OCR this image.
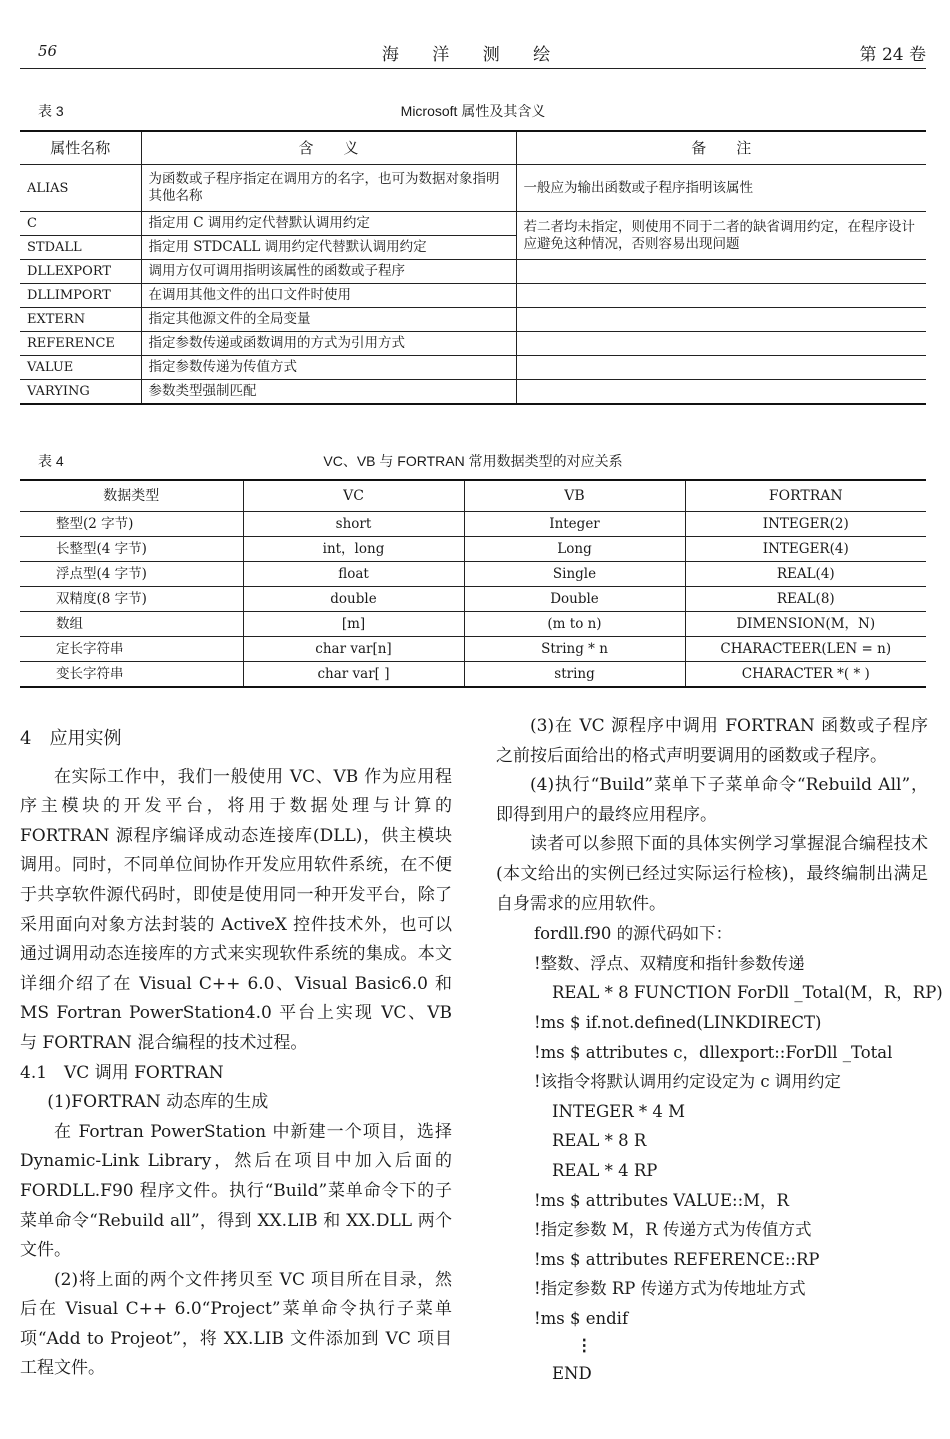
56	海 洋 测 绘	第 24 卷
表 3	Microsoft 属性及其含义
属性名称	含　　义	备　　注
ALIAS	为函数或子程序指定在调用方的名字，也可为数据对象指明其他名称	一般应为输出函数或子程序指明该属性
C	指定用 C 调用约定代替默认调用约定	若二者均未指定，则使用不同于二者的缺省调用约定，在程序设计应避免这种情况，否则容易出现问题
STDALL	指定用 STDCALL 调用约定代替默认调用约定	
DLLEXPORT	调用方仅可调用指明该属性的函数或子程序	
DLLIMPORT	在调用其他文件的出口文件时使用	
EXTERN	指定其他源文件的全局变量	
REFERENCE	指定参数传递或函数调用的方式为引用方式	
VALUE	指定参数传递为传值方式	
VARYING	参数类型强制匹配	
表 4	VC、VB 与 FORTRAN 常用数据类型的对应关系
数据类型	VC	VB	FORTRAN
整型(2 字节)	short	Integer	INTEGER(2)
长整型(4 字节)	int，long	Long	INTEGER(4)
浮点型(4 字节)	float	Single	REAL(4)
双精度(8 字节)	double	Double	REAL(8)
数组	[m]	(m to n)	DIMENSION(M，N)
定长字符串	char var[n]	String * n	CHARACTEER(LEN = n)
变长字符串	char var[ ]	string	CHARACTER *( * )

4　应用实例

在实际工作中，我们一般使用 VC、VB 作为应用程序主模块的开发平台，将用于数据处理与计算的 FORTRAN 源程序编译成动态连接库(DLL)，供主模块调用。同时，不同单位间协作开发应用软件系统，在不便于共享软件源代码时，即使是使用同一种开发平台，除了采用面向对象方法封装的 ActiveX 控件技术外，也可以通过调用动态连接库的方式来实现软件系统的集成。本文详细介绍了在 Visual C++ 6.0、Visual Basic6.0 和 MS Fortran PowerStation4.0 平台上实现 VC、VB 与 FORTRAN 混合编程的技术过程。

4.1　VC 调用 FORTRAN

(1)FORTRAN 动态库的生成

在 Fortran PowerStation 中新建一个项目，选择 Dynamic-Link Library，然后在项目中加入后面的 FORDLL.F90 程序文件。执行“Build”菜单命令下的子菜单命令“Rebuild all”，得到 XX.LIB 和 XX.DLL 两个文件。

(2)将上面的两个文件拷贝至 VC 项目所在目录，然后在 Visual C++ 6.0“Project”菜单命令执行子菜单项“Add to Projeot”，将 XX.LIB 文件添加到 VC 项目工程文件。

(3)在 VC 源程序中调用 FORTRAN 函数或子程序之前按后面给出的格式声明要调用的函数或子程序。

(4)执行“Build”菜单下子菜单命令“Rebuild All”，即得到用户的最终应用程序。

读者可以参照下面的具体实例学习掌握混合编程技术(本文给出的实例已经过实际运行检核)，最终编制出满足自身需求的应用软件。

fordll.f90 的源代码如下：

!整数、浮点、双精度和指针参数传递

REAL * 8 FUNCTION ForDll _Total(M，R，RP)

!ms $ if.not.defined(LINKDIRECT)

!ms $ attributes c，dllexport::ForDll _Total

!该指令将默认调用约定设定为 c 调用约定

INTEGER * 4 M

REAL * 8 R

REAL * 4 RP

!ms $ attributes VALUE::M，R

!指定参数 M，R 传递方式为传值方式

!ms $ attributes REFERENCE::RP

!指定参数 RP 传递方式为传地址方式

!ms $ endif

⋮

END
